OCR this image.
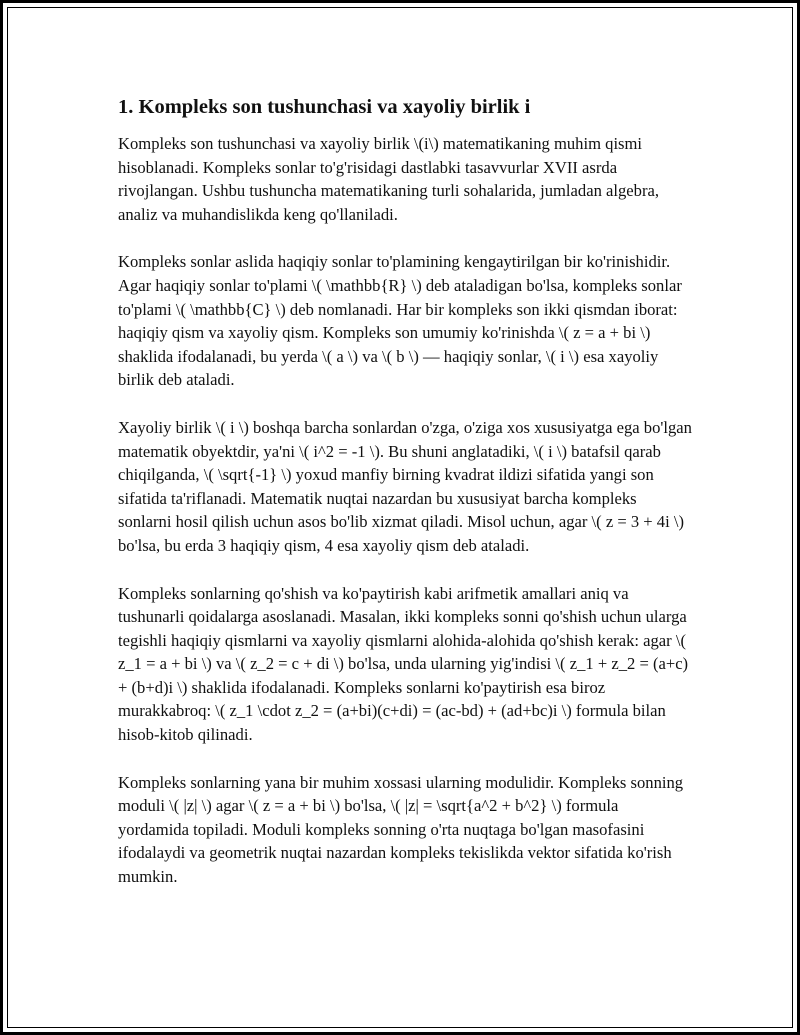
1. Kompleks son tushunchasi va xayoliy birlik i

Kompleks son tushunchasi va xayoliy birlik \(i\) matematikaning muhim qismi hisoblanadi. Kompleks sonlar to'g'risidagi dastlabki tasavvurlar XVII asrda rivojlangan. Ushbu tushuncha matematikaning turli sohalarida, jumladan algebra, analiz va muhandislikda keng qo'llaniladi.

Kompleks sonlar aslida haqiqiy sonlar to'plamining kengaytirilgan bir ko'rinishidir. Agar haqiqiy sonlar to'plami \( \mathbb{R} \) deb ataladigan bo'lsa, kompleks sonlar to'plami \( \mathbb{C} \) deb nomlanadi. Har bir kompleks son ikki qismdan iborat: haqiqiy qism va xayoliy qism. Kompleks son umumiy ko'rinishda \( z = a + bi \) shaklida ifodalanadi, bu yerda \( a \) va \( b \) — haqiqiy sonlar, \( i \) esa xayoliy birlik deb ataladi.

Xayoliy birlik \( i \) boshqa barcha sonlardan o'zga, o'ziga xos xususiyatga ega bo'lgan matematik obyektdir, ya'ni \( i^2 = -1 \). Bu shuni anglatadiki, \( i \) batafsil qarab chiqilganda, \( \sqrt{-1} \) yoxud manfiy birning kvadrat ildizi sifatida yangi son sifatida ta'riflanadi. Matematik nuqtai nazardan bu xususiyat barcha kompleks sonlarni hosil qilish uchun asos bo'lib xizmat qiladi. Misol uchun, agar \( z = 3 + 4i \) bo'lsa, bu erda 3 haqiqiy qism, 4 esa xayoliy qism deb ataladi.

Kompleks sonlarning qo'shish va ko'paytirish kabi arifmetik amallari aniq va tushunarli qoidalarga asoslanadi. Masalan, ikki kompleks sonni qo'shish uchun ularga tegishli haqiqiy qismlarni va xayoliy qismlarni alohida-alohida qo'shish kerak: agar \( z_1 = a + bi \) va \( z_2 = c + di \) bo'lsa, unda ularning yig'indisi \( z_1 + z_2 = (a+c) + (b+d)i \) shaklida ifodalanadi. Kompleks sonlarni ko'paytirish esa biroz murakkabroq: \( z_1 \cdot z_2 = (a+bi)(c+di) = (ac-bd) + (ad+bc)i \) formula bilan hisob-kitob qilinadi.

Kompleks sonlarning yana bir muhim xossasi ularning modulidir. Kompleks sonning moduli \( |z| \) agar \( z = a + bi \) bo'lsa, \( |z| = \sqrt{a^2 + b^2} \) formula yordamida topiladi. Moduli kompleks sonning o'rta nuqtaga bo'lgan masofasini ifodalaydi va geometrik nuqtai nazardan kompleks tekislikda vektor sifatida ko'rish mumkin.
